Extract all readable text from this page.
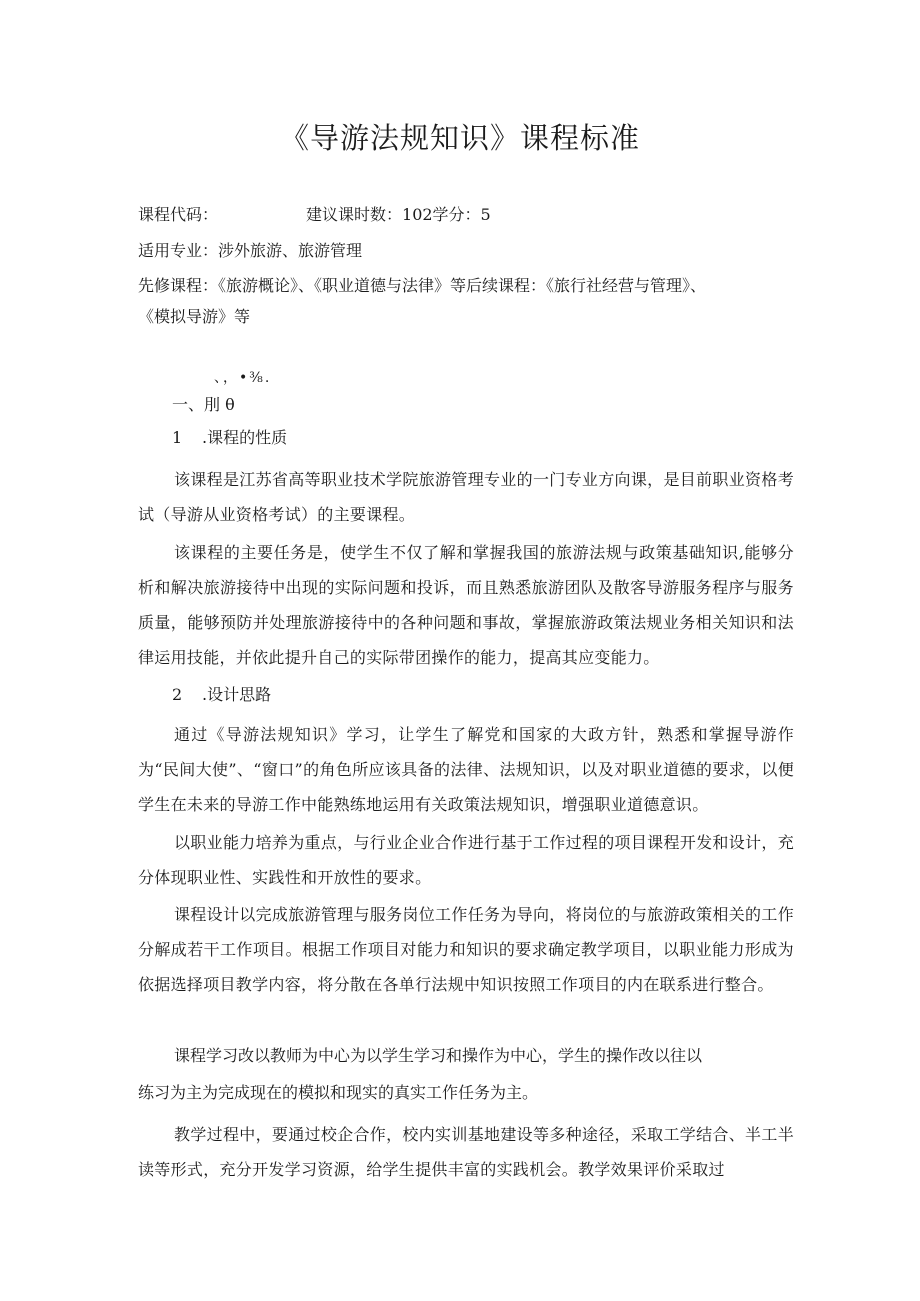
《导游法规知识》课程标准
课程代码：	建议课时数：102学分：5
适用专业：涉外旅游、旅游管理
先修课程：《旅游概论》、《职业道德与法律》等后续课程：《旅行社经营与管理》、
《模拟导游》等
、，•⅜.
一、刖 θ
1 .课程的性质
该课程是江苏省高等职业技术学院旅游管理专业的一门专业方向课，是目前职业资格考试（导游从业资格考试）的主要课程。
该课程的主要任务是，使学生不仅了解和掌握我国的旅游法规与政策基础知识,能够分析和解决旅游接待中出现的实际问题和投诉，而且熟悉旅游团队及散客导游服务程序与服务质量，能够预防并处理旅游接待中的各种问题和事故，掌握旅游政策法规业务相关知识和法律运用技能，并依此提升自己的实际带团操作的能力，提高其应变能力。
2 .设计思路
通过《导游法规知识》学习，让学生了解党和国家的大政方针，熟悉和掌握导游作为“民间大使”、“窗口”的角色所应该具备的法律、法规知识，以及对职业道德的要求，以便学生在未来的导游工作中能熟练地运用有关政策法规知识，增强职业道德意识。
以职业能力培养为重点，与行业企业合作进行基于工作过程的项目课程开发和设计，充分体现职业性、实践性和开放性的要求。
课程设计以完成旅游管理与服务岗位工作任务为导向，将岗位的与旅游政策相关的工作分解成若干工作项目。根据工作项目对能力和知识的要求确定教学项目，以职业能力形成为依据选择项目教学内容，将分散在各单行法规中知识按照工作项目的内在联系进行整合。
课程学习改以教师为中心为以学生学习和操作为中心，学生的操作改以往以
练习为主为完成现在的模拟和现实的真实工作任务为主。
教学过程中，要通过校企合作，校内实训基地建设等多种途径，采取工学结合、半工半读等形式，充分开发学习资源，给学生提供丰富的实践机会。教学效果评价采取过
